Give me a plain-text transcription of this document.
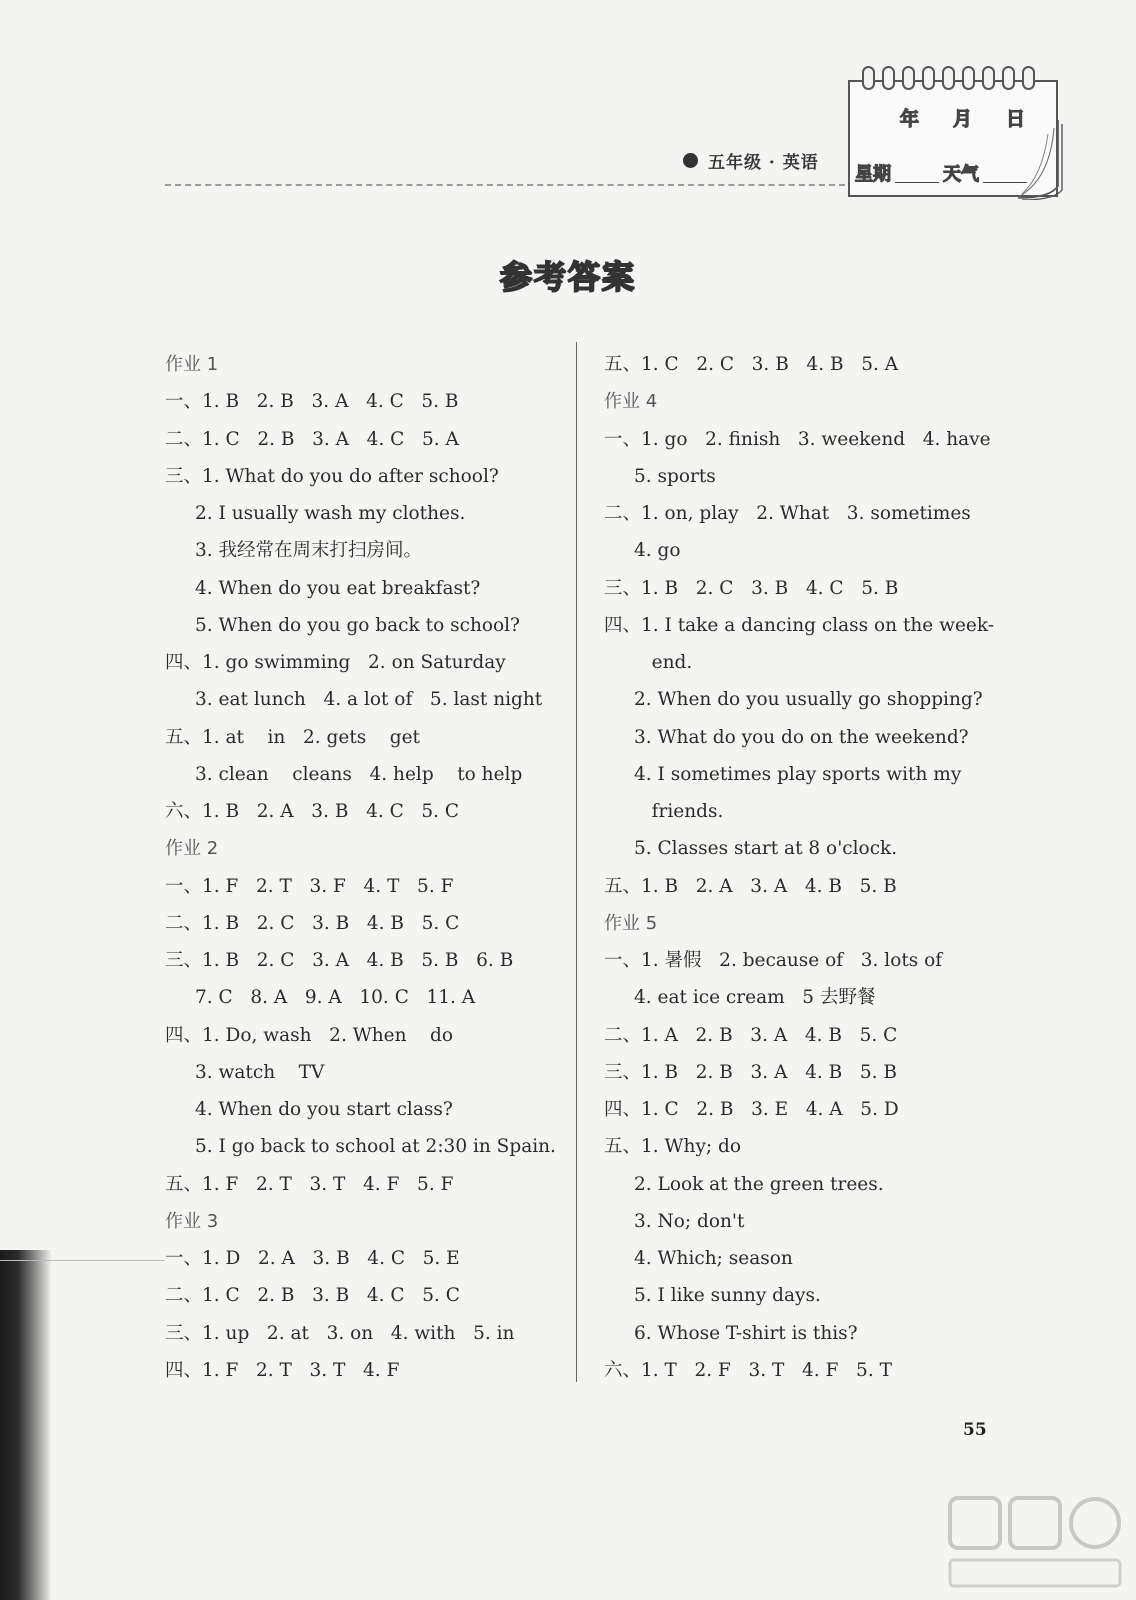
五年级 · 英语
年 月 日
星期	天气
参考答案
作业 1
一、1. B   2. B   3. A   4. C   5. B
二、1. C   2. B   3. A   4. C   5. A
三、1. What do you do after school?
2. I usually wash my clothes.
3. 我经常在周末打扫房间。
4. When do you eat breakfast?
5. When do you go back to school?
四、1. go swimming   2. on Saturday
3. eat lunch   4. a lot of   5. last night
五、1. at    in   2. gets    get
3. clean    cleans   4. help    to help
六、1. B   2. A   3. B   4. C   5. C
作业 2
一、1. F   2. T   3. F   4. T   5. F
二、1. B   2. C   3. B   4. B   5. C
三、1. B   2. C   3. A   4. B   5. B   6. B
7. C   8. A   9. A   10. C   11. A
四、1. Do, wash   2. When    do
3. watch    TV
4. When do you start class?
5. I go back to school at 2:30 in Spain.
五、1. F   2. T   3. T   4. F   5. F
作业 3
一、1. D   2. A   3. B   4. C   5. E
二、1. C   2. B   3. B   4. C   5. C
三、1. up   2. at   3. on   4. with   5. in
四、1. F   2. T   3. T   4. F
五、1. C   2. C   3. B   4. B   5. A
作业 4
一、1. go   2. finish   3. weekend   4. have
5. sports
二、1. on, play   2. What   3. sometimes
4. go
三、1. B   2. C   3. B   4. C   5. B
四、1. I take a dancing class on the week-
end.
2. When do you usually go shopping?
3. What do you do on the weekend?
4. I sometimes play sports with my
friends.
5. Classes start at 8 o'clock.
五、1. B   2. A   3. A   4. B   5. B
作业 5
一、1. 暑假   2. because of   3. lots of
4. eat ice cream   5 去野餐
二、1. A   2. B   3. A   4. B   5. C
三、1. B   2. B   3. A   4. B   5. B
四、1. C   2. B   3. E   4. A   5. D
五、1. Why; do
2. Look at the green trees.
3. No; don't
4. Which; season
5. I like sunny days.
6. Whose T-shirt is this?
六、1. T   2. F   3. T   4. F   5. T
55
